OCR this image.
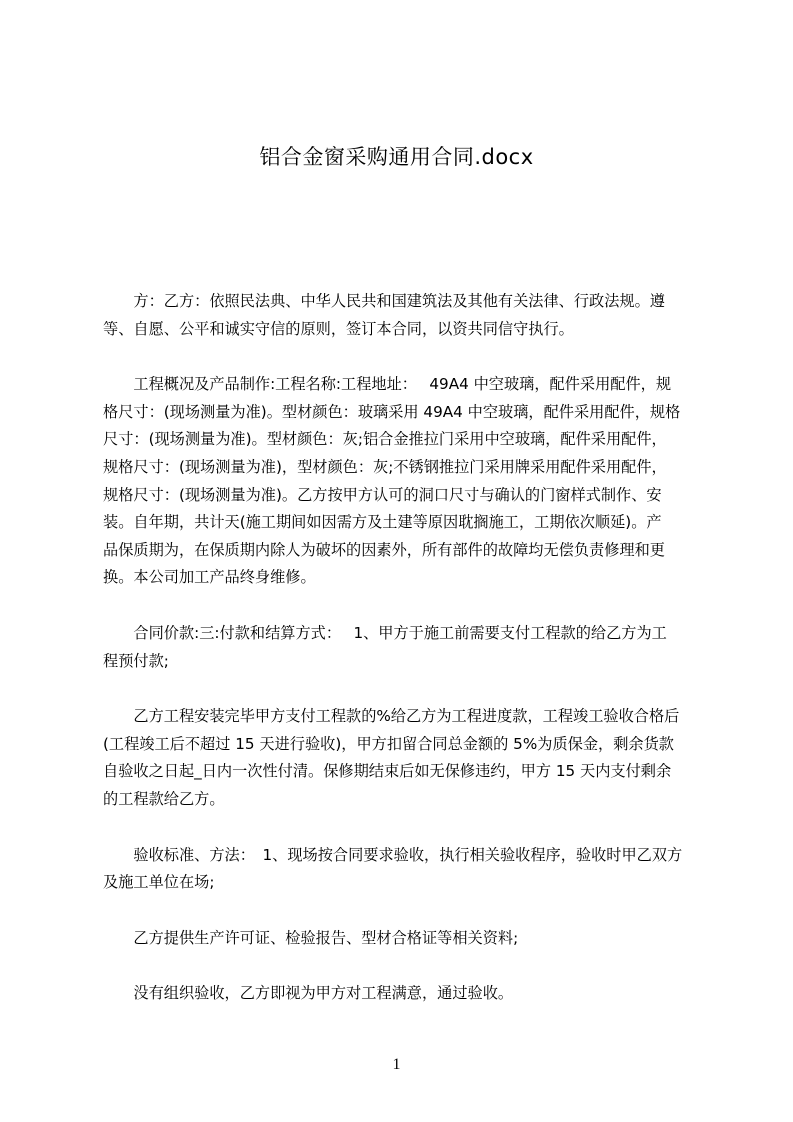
铝合金窗采购通用合同.docx

　　方：乙方：依照民法典、中华人民共和国建筑法及其他有关法律、行政法规。遵
等、自愿、公平和诚实守信的原则，签订本合同，以资共同信守执行。

　　工程概况及产品制作:工程名称:工程地址：　 49A4 中空玻璃，配件采用配件，规
格尺寸：(现场测量为准)。型材颜色：玻璃采用 49A4 中空玻璃，配件采用配件，规格
尺寸：(现场测量为准)。型材颜色：灰;铝合金推拉门采用中空玻璃，配件采用配件，
规格尺寸：(现场测量为准)，型材颜色：灰;不锈钢推拉门采用牌采用配件采用配件，
规格尺寸：(现场测量为准)。乙方按甲方认可的洞口尺寸与确认的门窗样式制作、安
装。自年期，共计天(施工期间如因需方及土建等原因耽搁施工，工期依次顺延)。产
品保质期为，在保质期内除人为破坏的因素外，所有部件的故障均无偿负责修理和更
换。本公司加工产品终身维修。

　　合同价款:三:付款和结算方式：　 1、甲方于施工前需要支付工程款的给乙方为工
程预付款;

　　乙方工程安装完毕甲方支付工程款的%给乙方为工程进度款，工程竣工验收合格后
(工程竣工后不超过 15 天进行验收)，甲方扣留合同总金额的 5%为质保金，剩余货款
自验收之日起_日内一次性付清。保修期结束后如无保修违约，甲方 15 天内支付剩余
的工程款给乙方。

　　验收标准、方法：　1、现场按合同要求验收，执行相关验收程序，验收时甲乙双方
及施工单位在场;

　　乙方提供生产许可证、检验报告、型材合格证等相关资料;

　　没有组织验收，乙方即视为甲方对工程满意，通过验收。

1
